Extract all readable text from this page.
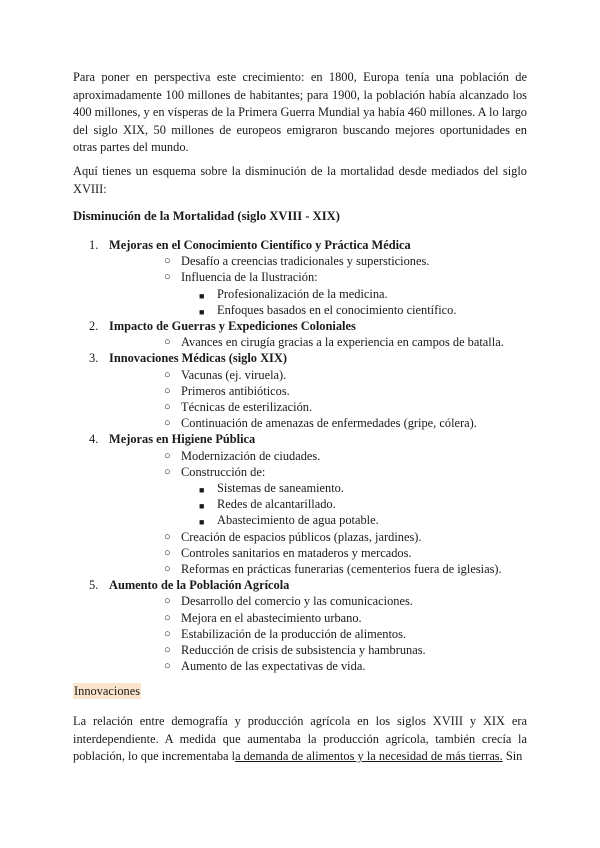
Para poner en perspectiva este crecimiento: en 1800, Europa tenía una población de aproximadamente 100 millones de habitantes; para 1900, la población había alcanzado los 400 millones, y en vísperas de la Primera Guerra Mundial ya había 460 millones. A lo largo del siglo XIX, 50 millones de europeos emigraron buscando mejores oportunidades en otras partes del mundo.

Aquí tienes un esquema sobre la disminución de la mortalidad desde mediados del siglo XVIII:

Disminución de la Mortalidad (siglo XVIII - XIX)

1. Mejoras en el Conocimiento Científico y Práctica Médica
○ Desafío a creencias tradicionales y supersticiones.
○ Influencia de la Ilustración:
■ Profesionalización de la medicina.
■ Enfoques basados en el conocimiento científico.
2. Impacto de Guerras y Expediciones Coloniales
○ Avances en cirugía gracias a la experiencia en campos de batalla.
3. Innovaciones Médicas (siglo XIX)
○ Vacunas (ej. viruela).
○ Primeros antibióticos.
○ Técnicas de esterilización.
○ Continuación de amenazas de enfermedades (gripe, cólera).
4. Mejoras en Higiene Pública
○ Modernización de ciudades.
○ Construcción de:
■ Sistemas de saneamiento.
■ Redes de alcantarillado.
■ Abastecimiento de agua potable.
○ Creación de espacios públicos (plazas, jardines).
○ Controles sanitarios en mataderos y mercados.
○ Reformas en prácticas funerarias (cementerios fuera de iglesias).
5. Aumento de la Población Agrícola
○ Desarrollo del comercio y las comunicaciones.
○ Mejora en el abastecimiento urbano.
○ Estabilización de la producción de alimentos.
○ Reducción de crisis de subsistencia y hambrunas.
○ Aumento de las expectativas de vida.

Innovaciones

La relación entre demografía y producción agrícola en los siglos XVIII y XIX era interdependiente. A medida que aumentaba la producción agrícola, también crecía la población, lo que incrementaba la demanda de alimentos y la necesidad de más tierras. Sin
